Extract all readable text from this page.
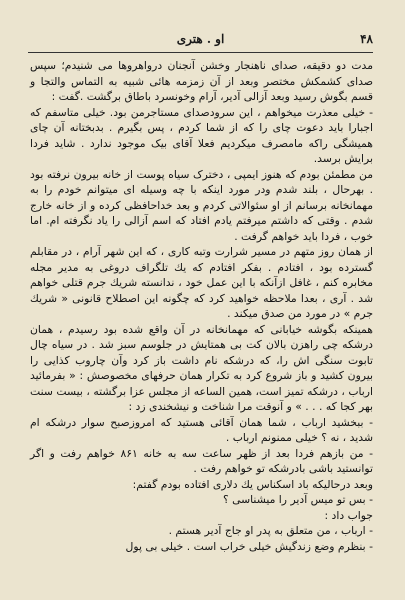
۴۸
او . هتری

مدت دو دقیقه، صدای ناهنجار وخشن آنجنان درواهروها می شنیدم؛ سپس صدای کشمکش مختصر وبعد از آن زمزمه هائی شبیه به التماس والتجا و قسم بگوش رسید وبعد آزالی آدیر، آرام وخونسرد باطاق برگشت .گفت :

- خیلی معذرت میخواهم ، این سرودصدای مستاجرمن بود. خیلی متاسفم که اجبارا باید دعوت چای را که از شما کردم ، پس بگیرم . بدبختانه آن چای همیشگی راکه مامصرف میکردیم فعلا آقای بیک موجود ندارد . شاید فردا برایش برسد.

من مطمئن بودم که هنوز ایمپی ، دخترک سیاه پوست از خانه بیرون نرفته بود . بهرحال ، بلند شدم ودر مورد اینکه با چه وسیله ای میتوانم خودم را به مهمانخانه برسانم از او سئوالاتی کردم و بعد خداحافظی کرده و از خانه خارج شدم . وقتی که داشتم میرفتم یادم افتاد که اسم آزالی را یاد نگرفته ام. اما خوب ، فردا باید خواهم گرفت .

از همان روز متهم در مسیر شرارت وتبه کاری ، که این شهر آرام ، در مقابلم گسترده بود ، افتادم . بفکر افتادم که یك تلگراف دروغی به مدیر مجله مخابره کنم ، غافل ازآنکه با این عمل خود ، ندانسته شریك جرم قتلی خواهم شد . آری ، بعدا ملاحظه خواهید کرد که چگونه این اصطلاح قانونی « شریك جرم » در مورد من صدق میکند .

همینکه بگوشه خیابانی که مهمانخانه در آن واقع شده بود رسیدم ، همان درشکه چی راهزن بالان کت بی همتایش در جلوسم سبز شد . در سیاه چال تابوت سنگی اش را، که درشکه نام داشت باز کرد وآن چاروب کذایی را بیرون کشید و باز شروع کرد به تکرار همان حرفهای مخصوصش : « بفرمائید ارباب ، درشکه تمیز است، همین الساعه از مجلس عزا برگشته ، بیست سنت بهر کجا که . . . » و آنوقت مرا شناخت و نیشخندی زد :

- ببخشید ارباب ، شما همان آقائی هستید که امروزصبح سوار درشکه ام شدید ، نه ؟ خیلی ممنونم ارباب .

- من بازهم فردا بعد از ظهر ساعت سه به خانه ۸۶۱ خواهم رفت و اگر توانستید باشی بادرشکه تو خواهم رفت .

وبعد درحالیکه باد اسکناس یك دلاری افتاده بودم گفتم:

- بس تو میس آدیر را میشناسی ؟

جواب داد :

- ارباب ، من متعلق به پدر او جاج آدیر هستم .

- بنظرم وضع زندگیش خیلی خراب است . خیلی بی پول
